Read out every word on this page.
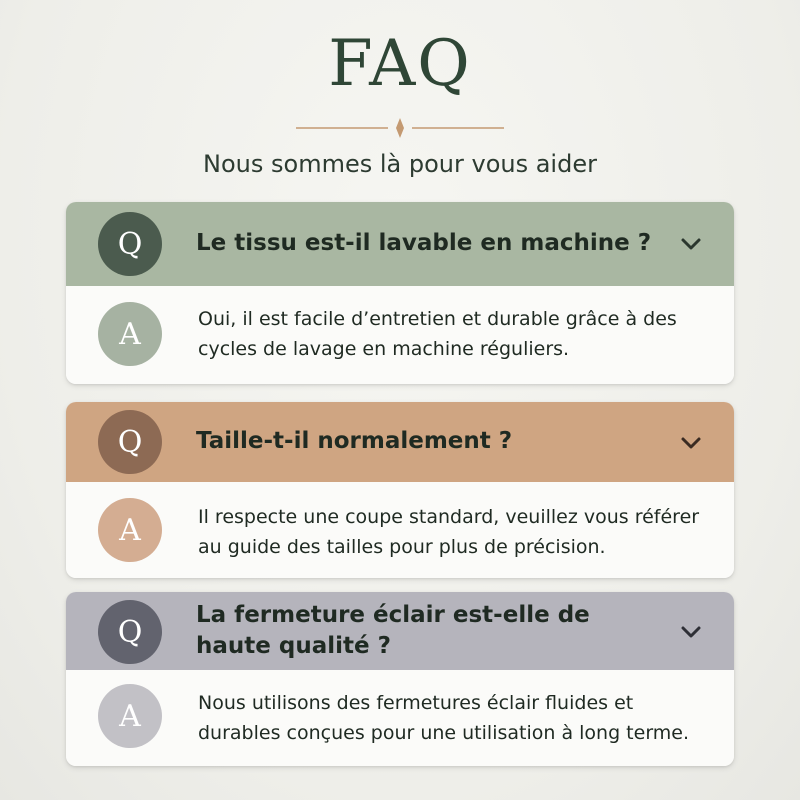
FAQ
Nous sommes là pour vous aider
Q	Le tissu est-il lavable en machine ?
A	Oui, il est facile d’entretien et durable grâce à des cycles de lavage en machine réguliers.
Q	Taille-t-il normalement ?
A	Il respecte une coupe standard, veuillez vous référer au guide des tailles pour plus de précision.
Q	La fermeture éclair est-elle de haute qualité ?
A	Nous utilisons des fermetures éclair fluides et durables conçues pour une utilisation à long terme.
